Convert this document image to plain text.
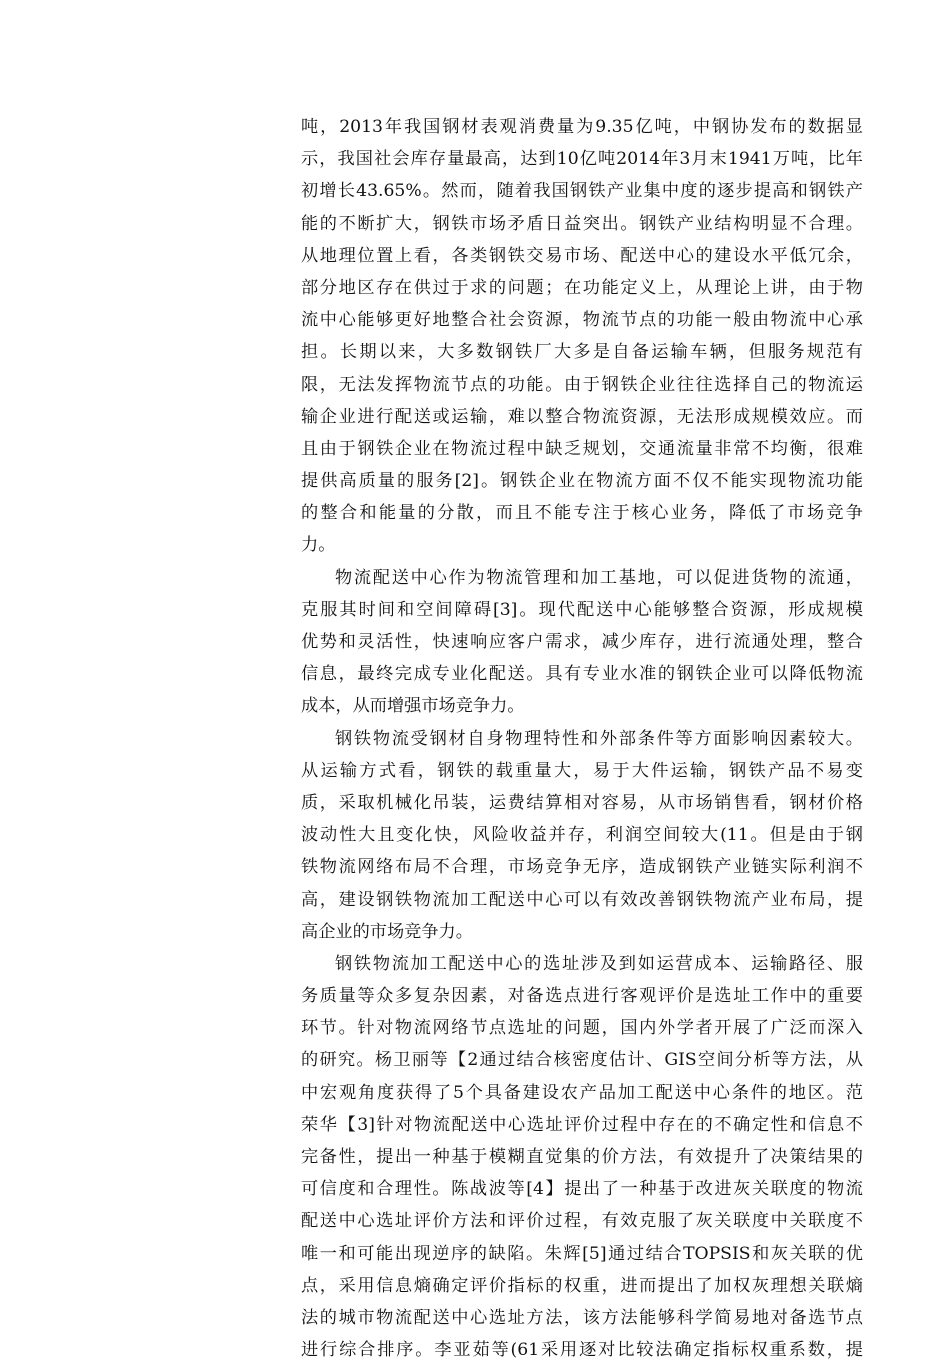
吨，2013年我国钢材表观消费量为9.35亿吨，中钢协发布的数据显
示，我国社会库存量最高，达到10亿吨2014年3月末1941万吨，比年
初增长43.65%。然而，随着我国钢铁产业集中度的逐步提高和钢铁产
能的不断扩大，钢铁市场矛盾日益突出。钢铁产业结构明显不合理。
从地理位置上看，各类钢铁交易市场、配送中心的建设水平低冗余，
部分地区存在供过于求的问题；在功能定义上，从理论上讲，由于物
流中心能够更好地整合社会资源，物流节点的功能一般由物流中心承
担。长期以来，大多数钢铁厂大多是自备运输车辆，但服务规范有
限，无法发挥物流节点的功能。由于钢铁企业往往选择自己的物流运
输企业进行配送或运输，难以整合物流资源，无法形成规模效应。而
且由于钢铁企业在物流过程中缺乏规划，交通流量非常不均衡，很难
提供高质量的服务[2]。钢铁企业在物流方面不仅不能实现物流功能
的整合和能量的分散，而且不能专注于核心业务，降低了市场竞争
力。
物流配送中心作为物流管理和加工基地，可以促进货物的流通，
克服其时间和空间障碍[3]。现代配送中心能够整合资源，形成规模
优势和灵活性，快速响应客户需求，减少库存，进行流通处理，整合
信息，最终完成专业化配送。具有专业水准的钢铁企业可以降低物流
成本，从而增强市场竞争力。
钢铁物流受钢材自身物理特性和外部条件等方面影响因素较大。
从运输方式看，钢铁的载重量大，易于大件运输，钢铁产品不易变
质，采取机械化吊装，运费结算相对容易，从市场销售看，钢材价格
波动性大且变化快，风险收益并存，利润空间较大(11。但是由于钢
铁物流网络布局不合理，市场竞争无序，造成钢铁产业链实际利润不
高，建设钢铁物流加工配送中心可以有效改善钢铁物流产业布局，提
高企业的市场竞争力。
钢铁物流加工配送中心的选址涉及到如运营成本、运输路径、服
务质量等众多复杂因素，对备选点进行客观评价是选址工作中的重要
环节。针对物流网络节点选址的问题，国内外学者开展了广泛而深入
的研究。杨卫丽等【2通过结合核密度估计、GIS空间分析等方法，从
中宏观角度获得了5个具备建设农产品加工配送中心条件的地区。范
荣华【3]针对物流配送中心选址评价过程中存在的不确定性和信息不
完备性，提出一种基于模糊直觉集的价方法，有效提升了决策结果的
可信度和合理性。陈战波等[4】提出了一种基于改进灰关联度的物流
配送中心选址评价方法和评价过程，有效克服了灰关联度中关联度不
唯一和可能出现逆序的缺陷。朱辉[5]通过结合TOPSIS和灰关联的优
点，采用信息熵确定评价指标的权重，进而提出了加权灰理想关联熵
法的城市物流配送中心选址方法，该方法能够科学简易地对备选节点
进行综合排序。李亚茹等(61采用逐对比较法确定指标权重系数，提
